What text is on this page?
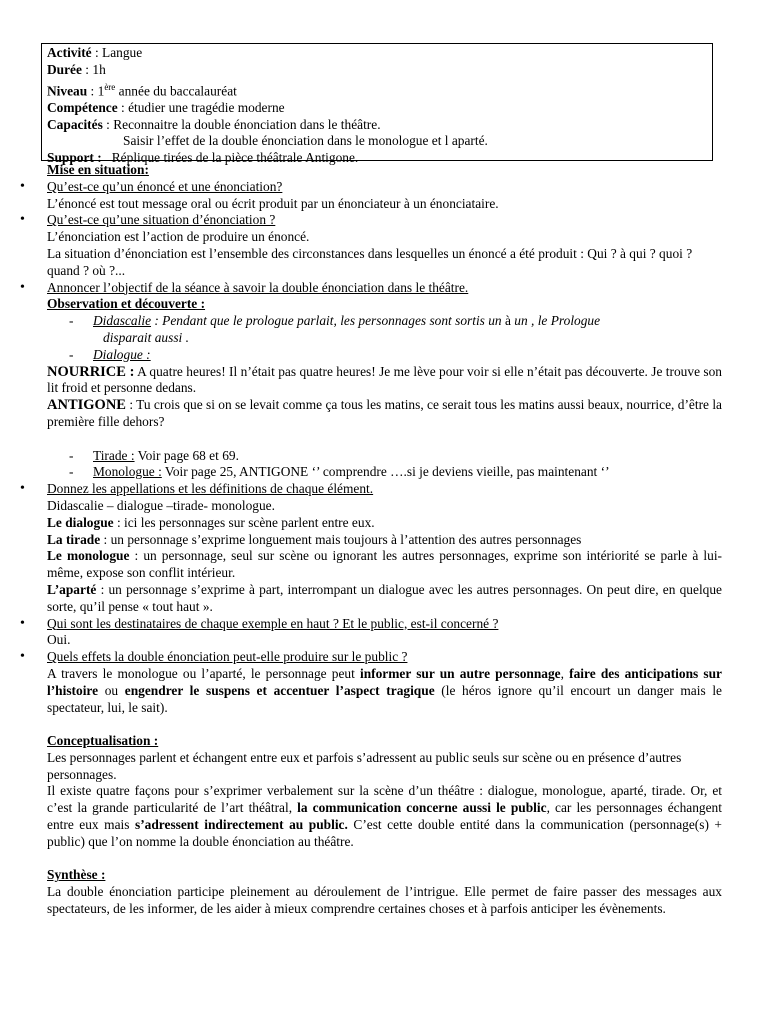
Activité : Langue
Durée : 1h
Niveau : 1ère année du baccalauréat
Compétence : étudier une tragédie moderne
Capacités : Reconnaitre la double énonciation dans le théâtre.
Saisir l’effet de la double énonciation dans le monologue et l aparté.
Support : Réplique tirées de la pièce théâtrale Antigone.
Mise en situation:
• Qu’est-ce qu’un énoncé et une énonciation?
L’énoncé est tout message oral ou écrit produit par un énonciateur à un énonciataire.
• Qu’est-ce qu’une situation d’énonciation ?
L’énonciation est l’action de produire un énoncé.
La situation d’énonciation est l’ensemble des circonstances dans lesquelles un énoncé a été produit : Qui ? à qui ? quoi ? quand ? où ?...
• Annoncer l’objectif de la séance à savoir la double énonciation dans le théâtre.
Observation et découverte :
- Didascalie : Pendant que le prologue parlait, les personnages sont sortis un à un , le Prologue
disparait aussi .
- Dialogue :
NOURRICE : A quatre heures! Il n’était pas quatre heures! Je me lève pour voir si elle n’était pas découverte. Je trouve son lit froid et personne dedans.
ANTIGONE : Tu crois que si on se levait comme ça tous les matins, ce serait tous les matins aussi beaux, nourrice, d’être la première fille dehors?
- Tirade : Voir page 68 et 69.
- Monologue : Voir page 25, ANTIGONE ‘’ comprendre ….si je deviens vieille, pas maintenant ‘’
• Donnez les appellations et les définitions de chaque élément.
Didascalie – dialogue –tirade- monologue.
Le dialogue : ici les personnages sur scène parlent entre eux.
La tirade : un personnage s’exprime longuement mais toujours à l’attention des autres personnages
Le monologue : un personnage, seul sur scène ou ignorant les autres personnages, exprime son intériorité se parle à lui-même, expose son conflit intérieur.
L’aparté : un personnage s’exprime à part, interrompant un dialogue avec les autres personnages. On peut dire, en quelque sorte, qu’il pense « tout haut ».
• Qui sont les destinataires de chaque exemple en haut ? Et le public, est-il concerné ?
Oui.
• Quels effets la double énonciation peut-elle produire sur le public ?
A travers le monologue ou l’aparté, le personnage peut informer sur un autre personnage, faire des anticipations sur l’histoire ou engendrer le suspens et accentuer l’aspect tragique (le héros ignore qu’il encourt un danger mais le spectateur, lui, le sait).
Conceptualisation :
Les personnages parlent et échangent entre eux et parfois s’adressent au public seuls sur scène ou en présence d’autres personnages.
Il existe quatre façons pour s’exprimer verbalement sur la scène d’un théâtre : dialogue, monologue, aparté, tirade. Or, et c’est la grande particularité de l’art théâtral, la communication concerne aussi le public, car les personnages échangent entre eux mais s’adressent indirectement au public. C’est cette double entité dans la communication (personnage(s) + public) que l’on nomme la double énonciation au théâtre.
Synthèse :
La double énonciation participe pleinement au déroulement de l’intrigue. Elle permet de faire passer des messages aux spectateurs, de les informer, de les aider à mieux comprendre certaines choses et à parfois anticiper les évènements.
